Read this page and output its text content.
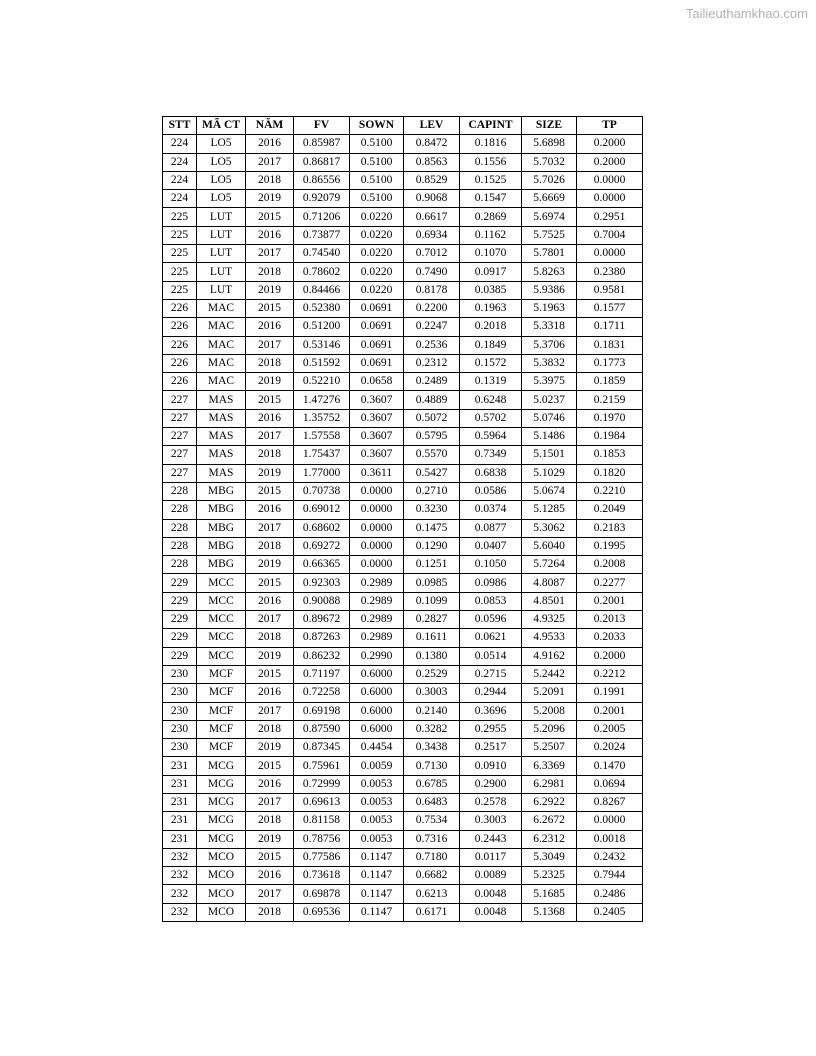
Tailieuthamkhao.com
STT	MÃ CT	NĂM	FV	SOWN	LEV	CAPINT	SIZE	TP
224	LO5	2016	0.85987	0.5100	0.8472	0.1816	5.6898	0.2000
224	LO5	2017	0.86817	0.5100	0.8563	0.1556	5.7032	0.2000
224	LO5	2018	0.86556	0.5100	0.8529	0.1525	5.7026	0.0000
224	LO5	2019	0.92079	0.5100	0.9068	0.1547	5.6669	0.0000
225	LUT	2015	0.71206	0.0220	0.6617	0.2869	5.6974	0.2951
225	LUT	2016	0.73877	0.0220	0.6934	0.1162	5.7525	0.7004
225	LUT	2017	0.74540	0.0220	0.7012	0.1070	5.7801	0.0000
225	LUT	2018	0.78602	0.0220	0.7490	0.0917	5.8263	0.2380
225	LUT	2019	0.84466	0.0220	0.8178	0.0385	5.9386	0.9581
226	MAC	2015	0.52380	0.0691	0.2200	0.1963	5.1963	0.1577
226	MAC	2016	0.51200	0.0691	0.2247	0.2018	5.3318	0.1711
226	MAC	2017	0.53146	0.0691	0.2536	0.1849	5.3706	0.1831
226	MAC	2018	0.51592	0.0691	0.2312	0.1572	5.3832	0.1773
226	MAC	2019	0.52210	0.0658	0.2489	0.1319	5.3975	0.1859
227	MAS	2015	1.47276	0.3607	0.4889	0.6248	5.0237	0.2159
227	MAS	2016	1.35752	0.3607	0.5072	0.5702	5.0746	0.1970
227	MAS	2017	1.57558	0.3607	0.5795	0.5964	5.1486	0.1984
227	MAS	2018	1.75437	0.3607	0.5570	0.7349	5.1501	0.1853
227	MAS	2019	1.77000	0.3611	0.5427	0.6838	5.1029	0.1820
228	MBG	2015	0.70738	0.0000	0.2710	0.0586	5.0674	0.2210
228	MBG	2016	0.69012	0.0000	0.3230	0.0374	5.1285	0.2049
228	MBG	2017	0.68602	0.0000	0.1475	0.0877	5.3062	0.2183
228	MBG	2018	0.69272	0.0000	0.1290	0.0407	5.6040	0.1995
228	MBG	2019	0.66365	0.0000	0.1251	0.1050	5.7264	0.2008
229	MCC	2015	0.92303	0.2989	0.0985	0.0986	4.8087	0.2277
229	MCC	2016	0.90088	0.2989	0.1099	0.0853	4.8501	0.2001
229	MCC	2017	0.89672	0.2989	0.2827	0.0596	4.9325	0.2013
229	MCC	2018	0.87263	0.2989	0.1611	0.0621	4.9533	0.2033
229	MCC	2019	0.86232	0.2990	0.1380	0.0514	4.9162	0.2000
230	MCF	2015	0.71197	0.6000	0.2529	0.2715	5.2442	0.2212
230	MCF	2016	0.72258	0.6000	0.3003	0.2944	5.2091	0.1991
230	MCF	2017	0.69198	0.6000	0.2140	0.3696	5.2008	0.2001
230	MCF	2018	0.87590	0.6000	0.3282	0.2955	5.2096	0.2005
230	MCF	2019	0.87345	0.4454	0.3438	0.2517	5.2507	0.2024
231	MCG	2015	0.75961	0.0059	0.7130	0.0910	6.3369	0.1470
231	MCG	2016	0.72999	0.0053	0.6785	0.2900	6.2981	0.0694
231	MCG	2017	0.69613	0.0053	0.6483	0.2578	6.2922	0.8267
231	MCG	2018	0.81158	0.0053	0.7534	0.3003	6.2672	0.0000
231	MCG	2019	0.78756	0.0053	0.7316	0.2443	6.2312	0.0018
232	MCO	2015	0.77586	0.1147	0.7180	0.0117	5.3049	0.2432
232	MCO	2016	0.73618	0.1147	0.6682	0.0089	5.2325	0.7944
232	MCO	2017	0.69878	0.1147	0.6213	0.0048	5.1685	0.2486
232	MCO	2018	0.69536	0.1147	0.6171	0.0048	5.1368	0.2405
